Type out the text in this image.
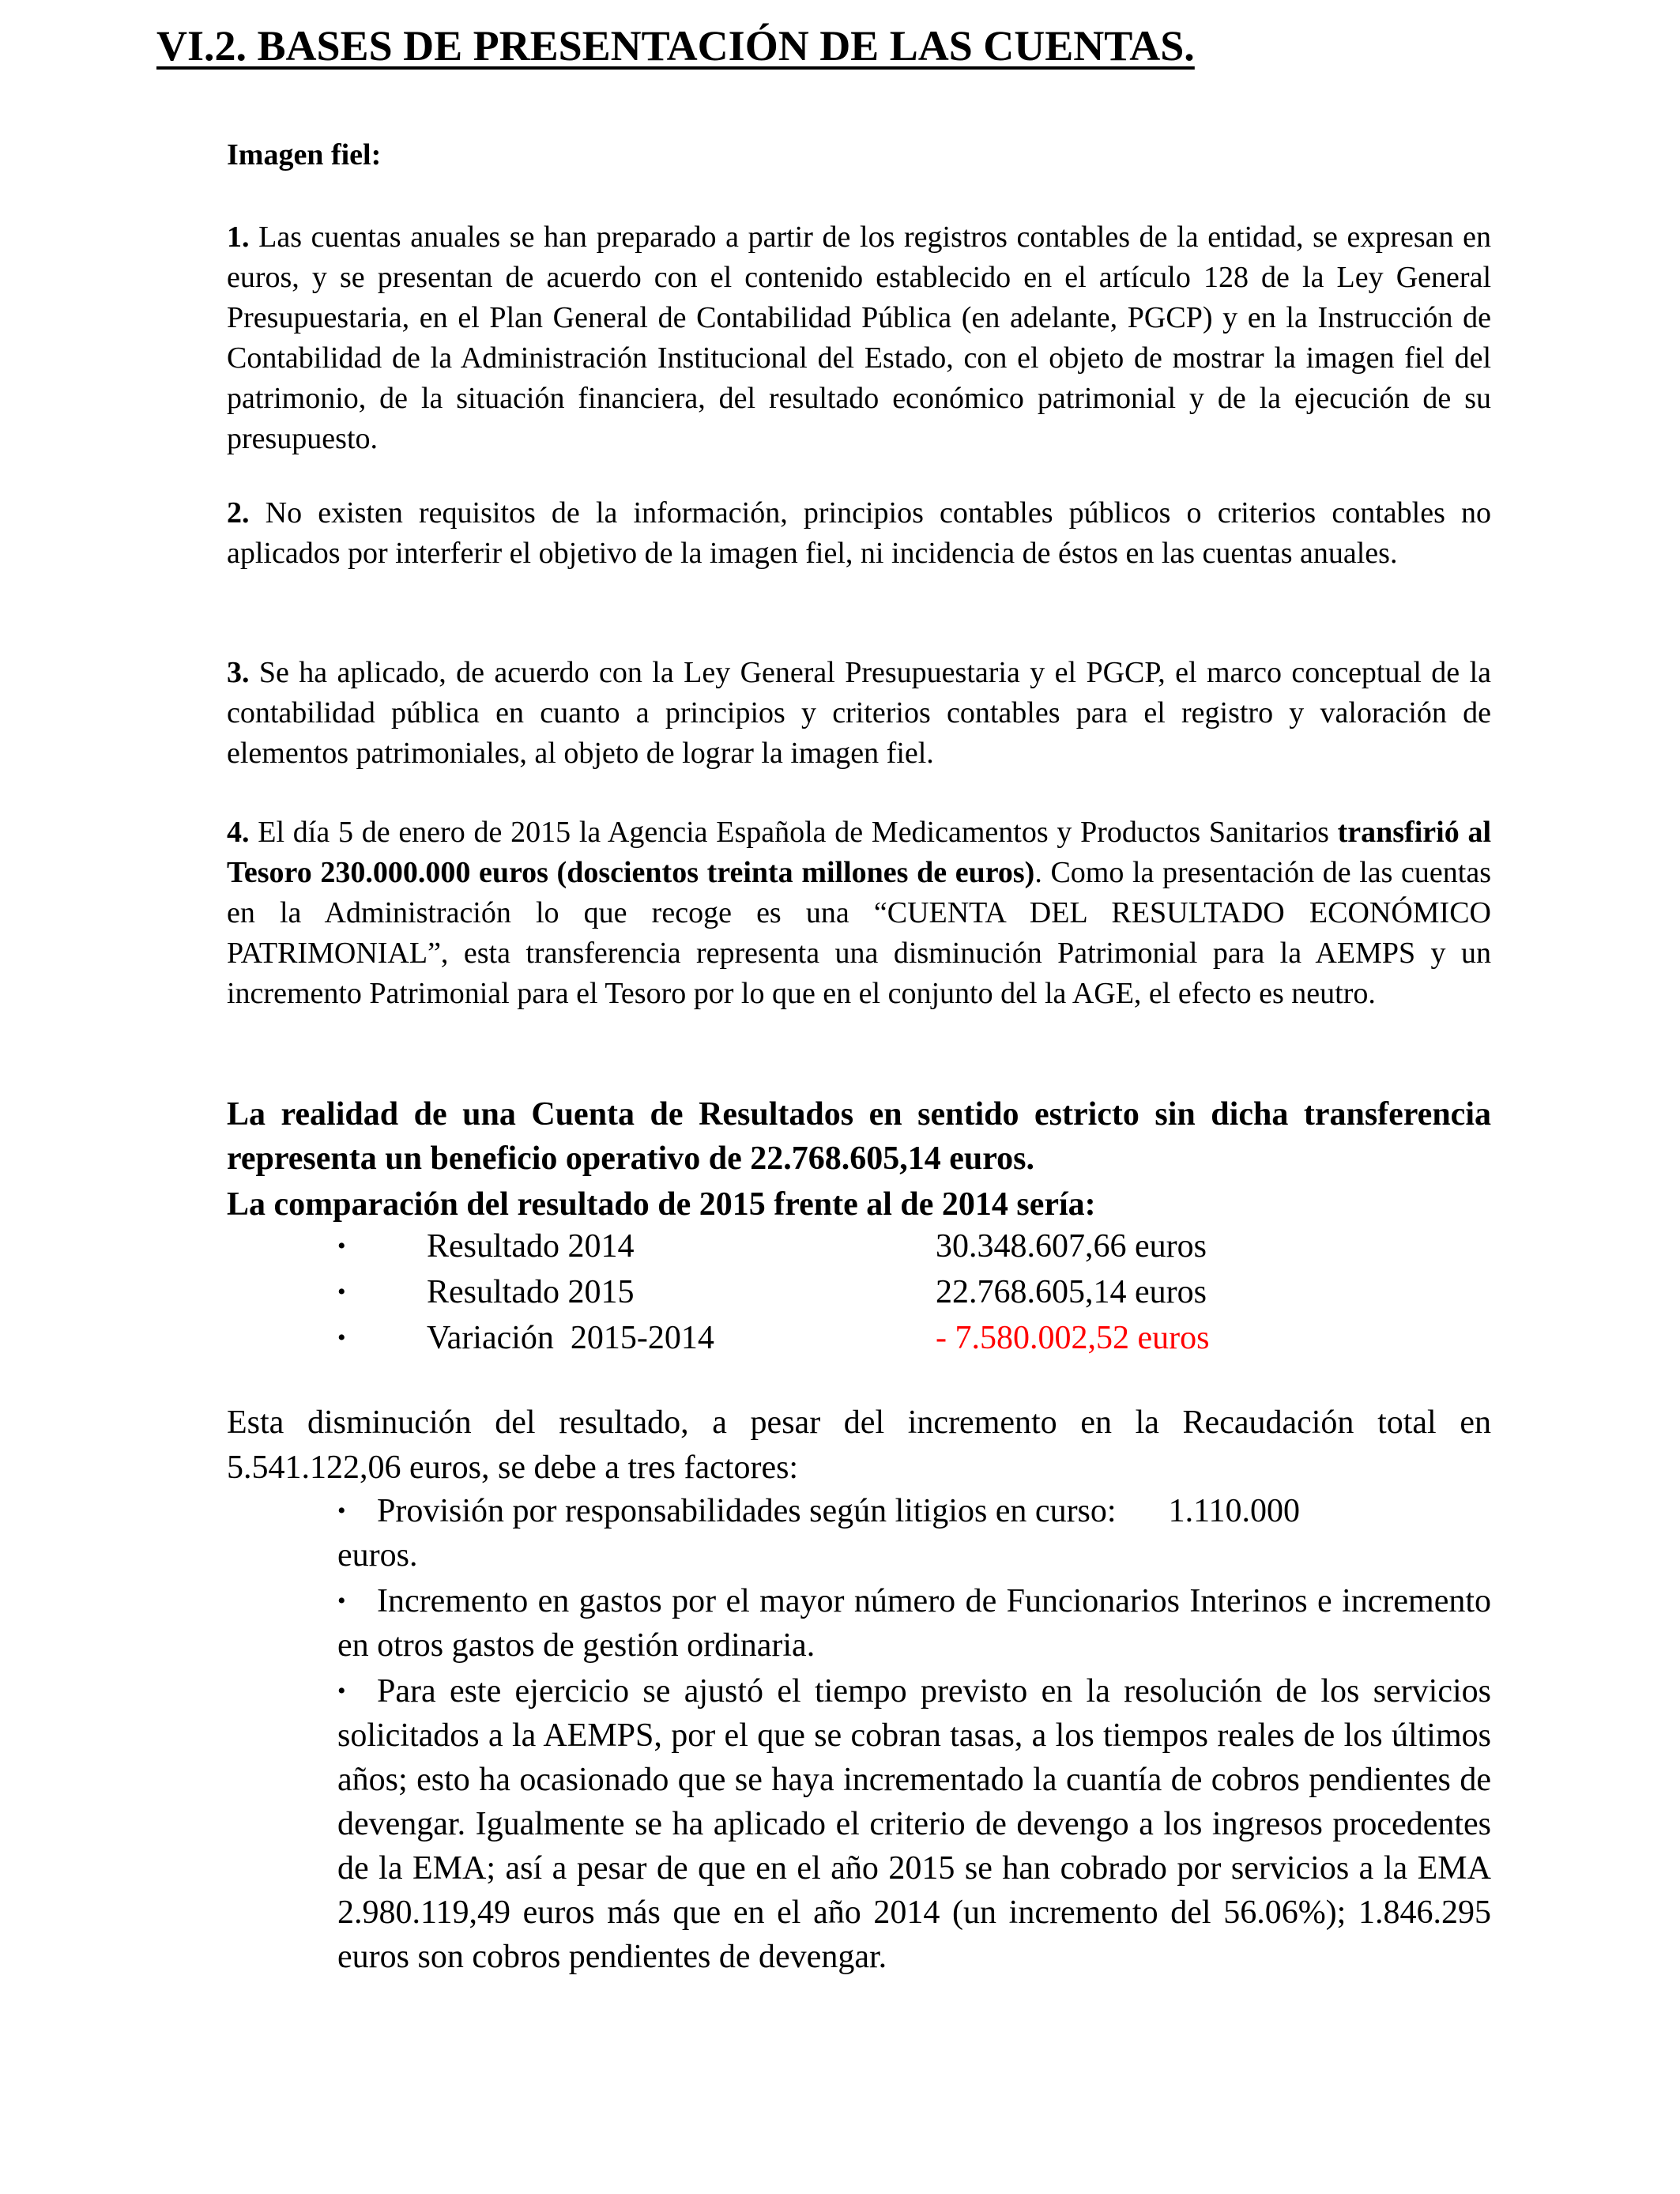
VI.2. BASES DE PRESENTACIÓN DE LAS CUENTAS.
Imagen fiel:

1. Las cuentas anuales se han preparado a partir de los registros contables de la entidad, se expresan en euros, y se presentan de acuerdo con el contenido establecido en el artículo 128 de la Ley General Presupuestaria, en el Plan General de Contabilidad Pública (en adelante, PGCP) y en la Instrucción de Contabilidad de la Administración Institucional del Estado, con el objeto de mostrar la imagen fiel del patrimonio, de la situación financiera, del resultado económico patrimonial y de la ejecución de su presupuesto.

2. No existen requisitos de la información, principios contables públicos o criterios contables no aplicados por interferir el objetivo de la imagen fiel, ni incidencia de éstos en las cuentas anuales.

3. Se ha aplicado, de acuerdo con la Ley General Presupuestaria y el PGCP, el marco conceptual de la contabilidad pública en cuanto a principios y criterios contables para el registro y valoración de elementos patrimoniales, al objeto de lograr la imagen fiel.

4. El día 5 de enero de 2015 la Agencia Española de Medicamentos y Productos Sanitarios transfirió al Tesoro 230.000.000 euros (doscientos treinta millones de euros). Como la presentación de las cuentas en la Administración lo que recoge es una “CUENTA DEL RESULTADO ECONÓMICO PATRIMONIAL”, esta transferencia representa una disminución Patrimonial para la AEMPS y un incremento Patrimonial para el Tesoro por lo que en el conjunto del la AGE, el efecto es neutro.

La realidad de una Cuenta de Resultados en sentido estricto sin dicha transferencia representa un beneficio operativo de 22.768.605,14 euros.

La comparación del resultado de 2015 frente al de 2014 sería:

• Resultado 2014	30.348.607,66 euros
• Resultado 2015	22.768.605,14 euros
• Variación  2015-2014	- 7.580.002,52 euros

Esta disminución del resultado, a pesar del incremento en la Recaudación total en 5.541.122,06 euros, se debe a tres factores:

• Provisión por responsabilidades según litigios en curso: 1.110.000
euros.
• Incremento en gastos por el mayor número de Funcionarios Interinos e incremento en otros gastos de gestión ordinaria.
• Para este ejercicio se ajustó el tiempo previsto en la resolución de los servicios solicitados a la AEMPS, por el que se cobran tasas, a los tiempos reales de los últimos años; esto ha ocasionado que se haya incrementado la cuantía de cobros pendientes de devengar. Igualmente se ha aplicado el criterio de devengo a los ingresos procedentes de la EMA; así a pesar de que en el año 2015 se han cobrado por servicios a la EMA 2.980.119,49 euros más que en el año 2014 (un incremento del 56.06%); 1.846.295 euros son cobros pendientes de devengar.
